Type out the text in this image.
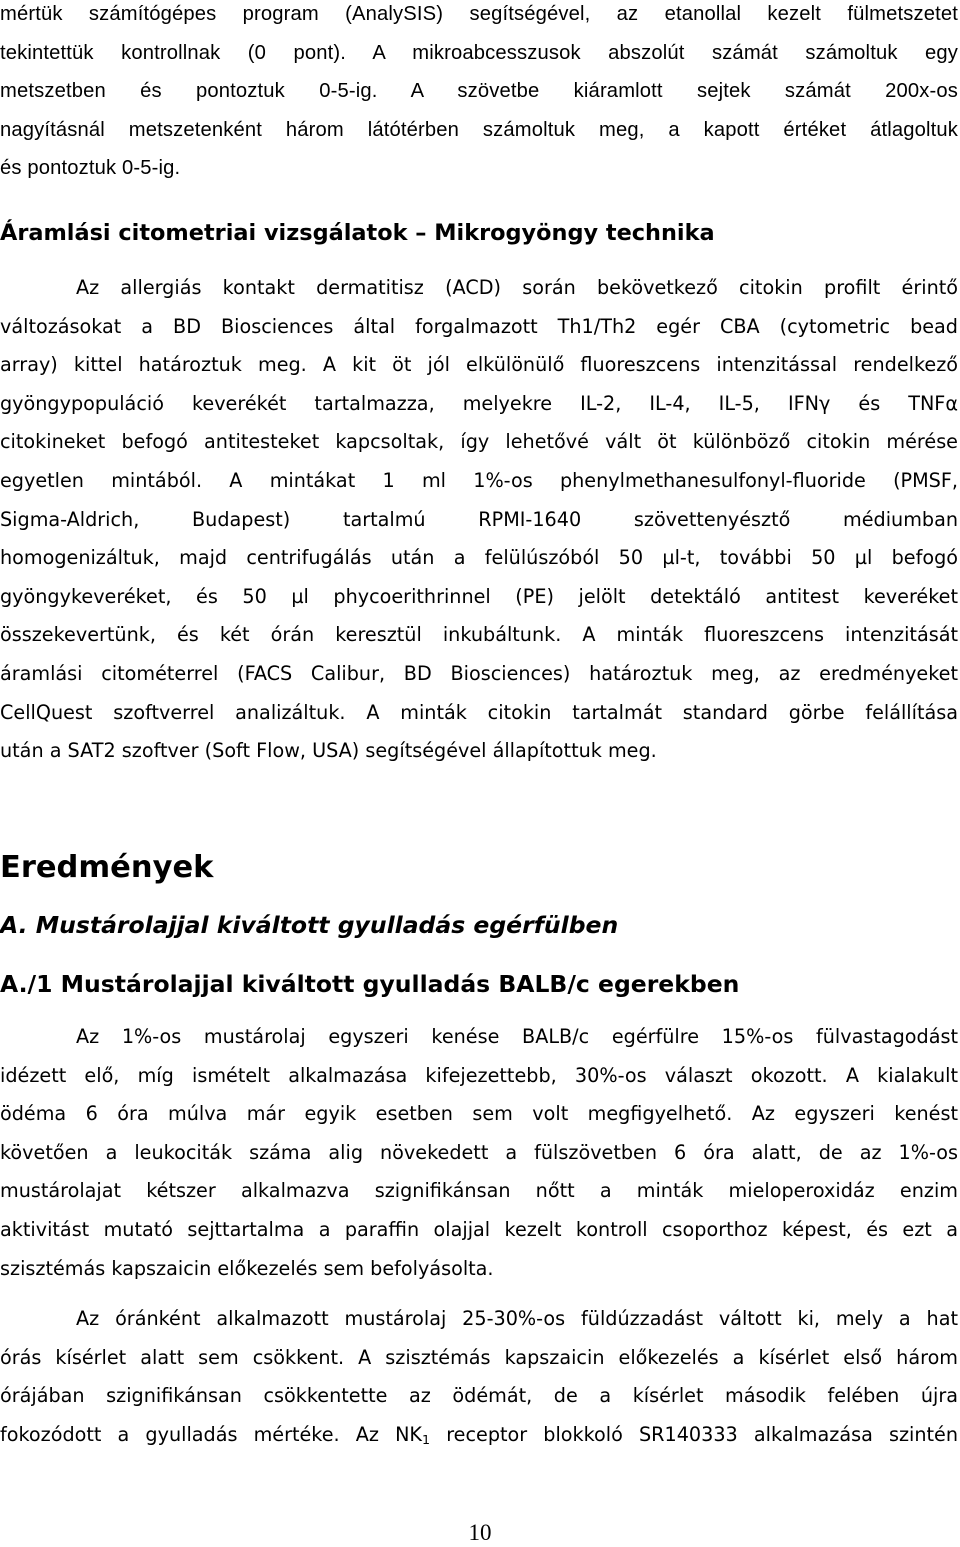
mértük számítógépes program (AnalySIS) segítségével, az etanollal kezelt fülmetszetet
tekintettük kontrollnak (0 pont). A mikroabcesszusok abszolút számát számoltuk egy
metszetben és pontoztuk 0-5-ig. A szövetbe kiáramlott sejtek számát 200x-os
nagyításnál metszetenként három látótérben számoltuk meg, a kapott értéket átlagoltuk
és pontoztuk 0-5-ig.
Áramlási citometriai vizsgálatok – Mikrogyöngy technika
Az allergiás kontakt dermatitisz (ACD) során bekövetkező citokin profilt érintő
változásokat a BD Biosciences által forgalmazott Th1/Th2 egér CBA (cytometric bead
array) kittel határoztuk meg. A kit öt jól elkülönülő fluoreszcens intenzitással rendelkező
gyöngypopuláció keverékét tartalmazza, melyekre IL-2, IL-4, IL-5, IFNγ és TNFα
citokineket befogó antitesteket kapcsoltak, így lehetővé vált öt különböző citokin mérése
egyetlen mintából. A mintákat 1 ml 1%-os phenylmethanesulfonyl-fluoride (PMSF,
Sigma-Aldrich, Budapest) tartalmú RPMI-1640 szövettenyésztő médiumban
homogenizáltuk, majd centrifugálás után a felülúszóból 50 µl-t, további 50 µl befogó
gyöngykeveréket, és 50 µl phycoerithrinnel (PE) jelölt detektáló antitest keveréket
összekevertünk, és két órán keresztül inkubáltunk. A minták fluoreszcens intenzitását
áramlási citométerrel (FACS Calibur, BD Biosciences) határoztuk meg, az eredményeket
CellQuest szoftverrel analizáltuk. A minták citokin tartalmát standard görbe felállítása
után a SAT2 szoftver (Soft Flow, USA) segítségével állapítottuk meg.
Eredmények
A. Mustárolajjal kiváltott gyulladás egérfülben
A./1 Mustárolajjal kiváltott gyulladás BALB/c egerekben
Az 1%-os mustárolaj egyszeri kenése BALB/c egérfülre 15%-os fülvastagodást
idézett elő, míg ismételt alkalmazása kifejezettebb, 30%-os választ okozott. A kialakult
ödéma 6 óra múlva már egyik esetben sem volt megfigyelhető. Az egyszeri kenést
követően a leukociták száma alig növekedett a fülszövetben 6 óra alatt, de az 1%-os
mustárolajat kétszer alkalmazva szignifikánsan nőtt a minták mieloperoxidáz enzim
aktivitást mutató sejttartalma a paraffin olajjal kezelt kontroll csoporthoz képest, és ezt a
szisztémás kapszaicin előkezelés sem befolyásolta.
Az óránként alkalmazott mustárolaj 25-30%-os füldúzzadást váltott ki, mely a hat
órás kísérlet alatt sem csökkent. A szisztémás kapszaicin előkezelés a kísérlet első három
órájában szignifikánsan csökkentette az ödémát, de a kísérlet második felében újra
fokozódott a gyulladás mértéke. Az $NK_1$ receptor blokkoló SR140333 alkalmazása szintén
10
